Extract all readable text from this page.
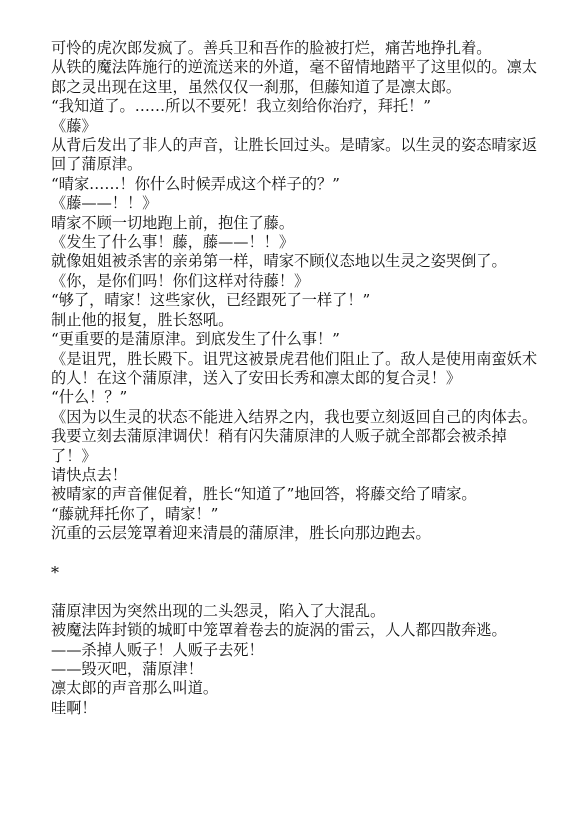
可怜的虎次郎发疯了。善兵卫和吾作的脸被打烂，痛苦地挣扎着。

从铁的魔法阵施行的逆流送来的外道，毫不留情地踏平了这里似的。凛太郎之灵出现在这里，虽然仅仅一刹那，但藤知道了是凛太郎。

“我知道了。……所以不要死！我立刻给你治疗，拜托！”

《藤》

从背后发出了非人的声音，让胜长回过头。是晴家。以生灵的姿态晴家返回了蒲原津。

“晴家……！你什么时候弄成这个样子的？”

《藤——！！》

晴家不顾一切地跑上前，抱住了藤。

《发生了什么事！藤，藤——！！》

就像姐姐被杀害的亲弟第一样，晴家不顾仪态地以生灵之姿哭倒了。

《你，是你们吗！你们这样对待藤！》

“够了，晴家！这些家伙，已经跟死了一样了！”

制止他的报复，胜长怒吼。

“更重要的是蒲原津。到底发生了什么事！”

《是诅咒，胜长殿下。诅咒这被景虎君他们阻止了。敌人是使用南蛮妖术的人！在这个蒲原津，送入了安田长秀和凛太郎的复合灵！》

“什么！？”

《因为以生灵的状态不能进入结界之内，我也要立刻返回自己的肉体去。我要立刻去蒲原津调伏！稍有闪失蒲原津的人贩子就全部都会被杀掉了！》

请快点去！

被晴家的声音催促着，胜长“知道了”地回答，将藤交给了晴家。

“藤就拜托你了，晴家！”

沉重的云层笼罩着迎来清晨的蒲原津，胜长向那边跑去。

*

蒲原津因为突然出现的二头怨灵，陷入了大混乱。

被魔法阵封锁的城町中笼罩着卷去的旋涡的雷云，人人都四散奔逃。

——杀掉人贩子！人贩子去死！

——毁灭吧，蒲原津！

凛太郎的声音那么叫道。

哇啊！
